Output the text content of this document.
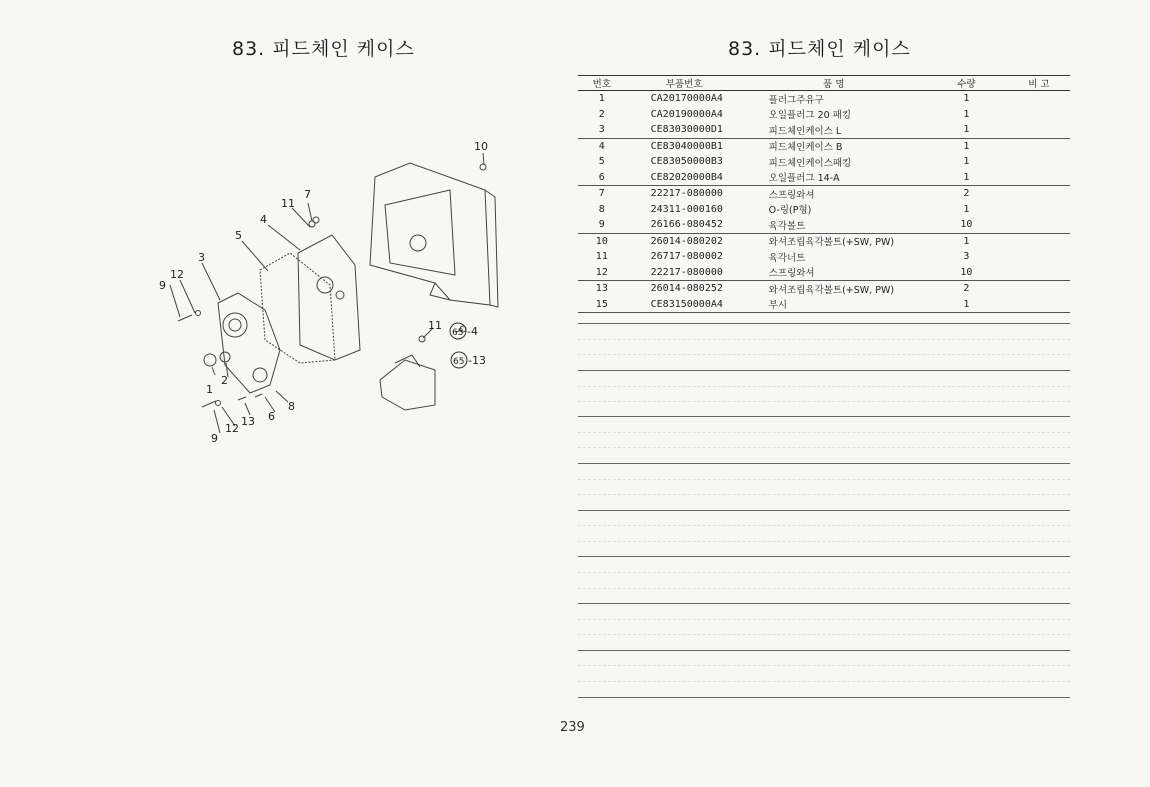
83. 피드체인 케이스	83. 피드체인 케이스
10
7
11
4
5
3
12
9
1
2
13 6
8
9
12
11
65 -4
65 -13
번호	부품번호	품 명	수량	비 고
1	CA20170000A4	플러그주유구	1	
2	CA20190000A4	오일플러그 20 패킹	1	
3	CE83030000D1	피드체인케이스 L	1	
4	CE83040000B1	피드체인케이스 B	1	
5	CE83050000B3	피드체인케이스패킹	1	
6	CE82020000B4	오일플러그 14-A	1	
7	22217-080000	스프링와셔	2	
8	24311-000160	O-링(P형)	1	
9	26166-080452	육각볼트	10	
10	26014-080202	와셔조립육각볼트(+SW, PW)	1	
11	26717-080002	육각너트	3	
12	22217-080000	스프링와셔	10	
13	26014-080252	와셔조립육각볼트(+SW, PW)	2	
15	CE83150000A4	부시	1	
239
